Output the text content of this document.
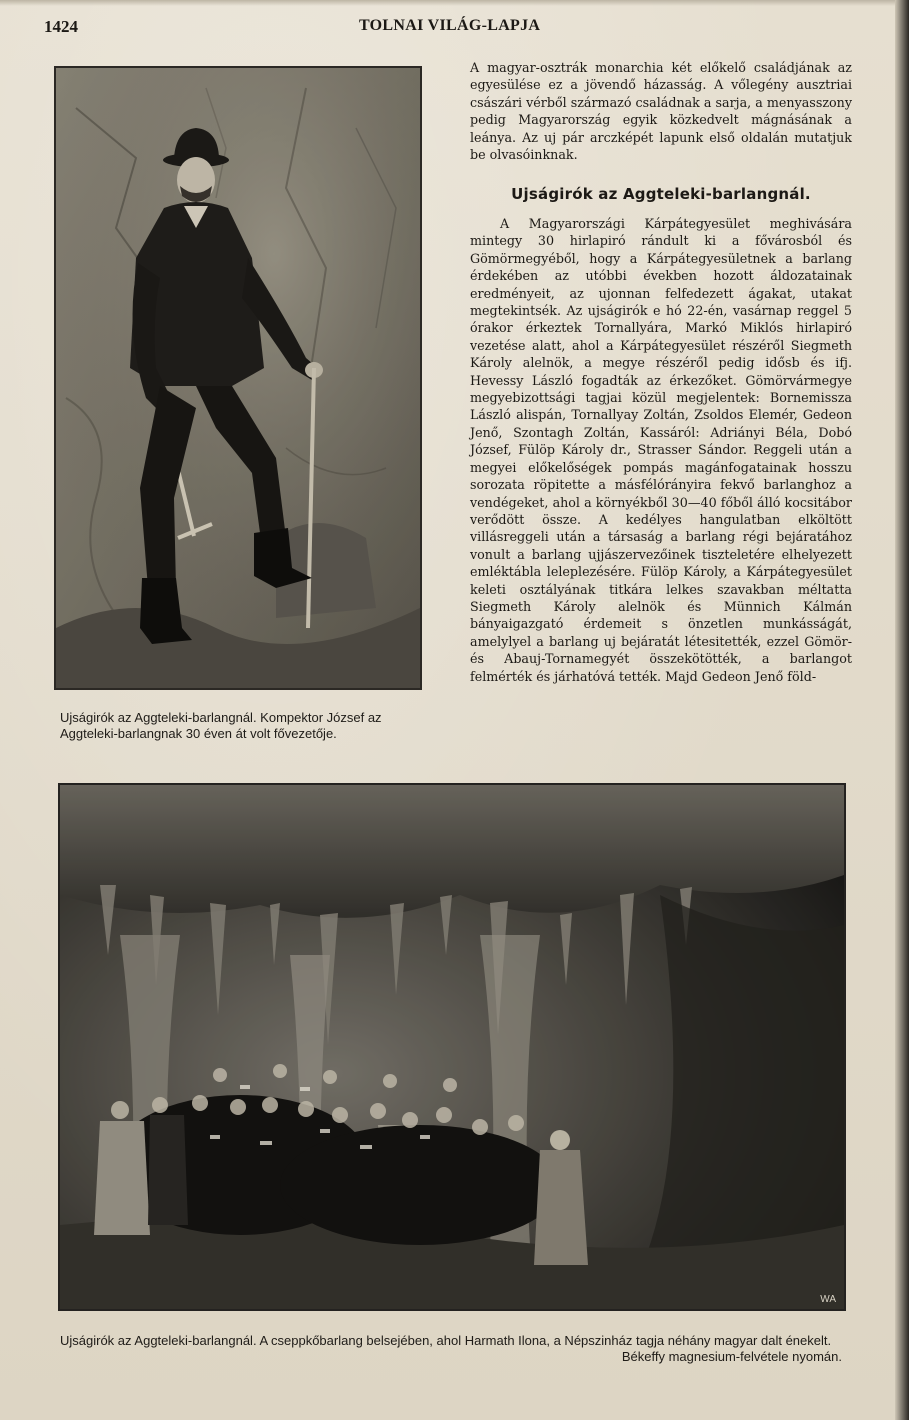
1424	TOLNAI VILÁG-LAPJA
Ujságirók az Aggteleki-barlangnál. Kompektor József az Aggteleki-barlangnak 30 éven át volt fővezetője.

A magyar-osztrák monarchia két előkelő családjának az egyesülése ez a jövendő házasság. A vőlegény ausztriai császári vérből származó családnak a sarja, a menyasszony pedig Magyarország egyik közkedvelt mágnásának a leánya. Az uj pár arczképét lapunk első oldalán mutatjuk be olvasóinknak.

Ujságirók az Aggteleki-barlangnál.

A Magyarországi Kárpátegyesület meghivására mintegy 30 hirlapiró rándult ki a fővárosból és Gömörmegyéből, hogy a Kárpátegyesületnek a barlang érdekében az utóbbi években hozott áldozatainak eredményeit, az ujonnan felfedezett ágakat, utakat megtekintsék. Az ujságirók e hó 22-én, vasárnap reggel 5 órakor érkeztek Tornallyára, Markó Miklós hirlapiró vezetése alatt, ahol a Kárpátegyesület részéről Siegmeth Károly alelnök, a megye részéről pedig idősb és ifj. Hevessy László fogadták az érkezőket. Gömörvármegye megyebizottsági tagjai közül megjelentek: Bornemissza László alispán, Tornallyay Zoltán, Zsoldos Elemér, Gedeon Jenő, Szontagh Zoltán, Kassáról: Adriányi Béla, Dobó József, Fülöp Károly dr., Strasser Sándor. Reggeli után a megyei előkelőségek pompás magánfogatainak hosszu sorozata röpitette a másfélórányira fekvő barlanghoz a vendégeket, ahol a környékből 30—40 főből álló kocsitábor verődött össze. A kedélyes hangulatban elköltött villásreggeli után a társaság a barlang régi bejáratához vonult a barlang ujjászervezőinek tiszteletére elhelyezett emléktábla leleplezésére. Fülöp Károly, a Kárpátegyesület keleti osztályának titkára lelkes szavakban méltatta Siegmeth Károly alelnök és Münnich Kálmán bányaigazgató érdemeit s önzetlen munkásságát, amelylyel a barlang uj bejáratát létesitették, ezzel Gömör- és Abauj-Tornamegyét összekötötték, a barlangot felmérték és járhatóvá tették. Majd Gedeon Jenő föld-

WA
Ujságirók az Aggteleki-barlangnál. A cseppkőbarlang belsejében, ahol Harmath Ilona, a Népszinház tagja néhány magyar dalt énekelt.
Békeffy magnesium-felvétele nyomán.
